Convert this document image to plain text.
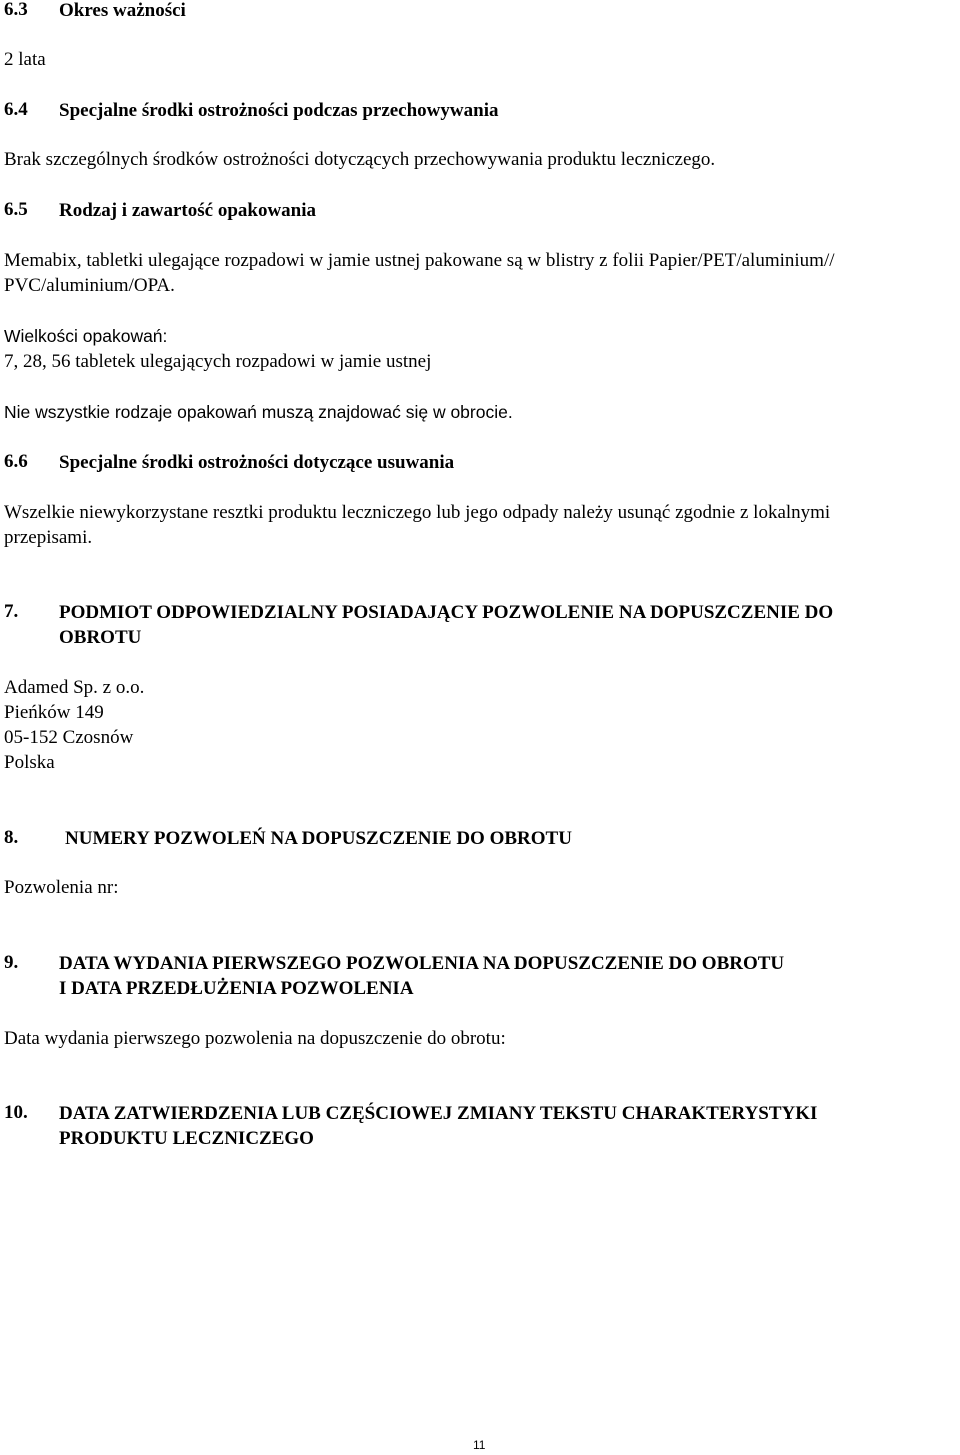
6.3 Okres ważności
2 lata
6.4 Specjalne środki ostrożności podczas przechowywania
Brak szczególnych środków ostrożności dotyczących przechowywania produktu leczniczego.
6.5 Rodzaj i zawartość opakowania
Memabix, tabletki ulegające rozpadowi w jamie ustnej pakowane są w blistry z folii Papier/PET/aluminium//
PVC/aluminium/OPA.
Wielkości opakowań:
7, 28, 56 tabletek ulegających rozpadowi w jamie ustnej
Nie wszystkie rodzaje opakowań muszą znajdować się w obrocie.
6.6 Specjalne środki ostrożności dotyczące usuwania
Wszelkie niewykorzystane resztki produktu leczniczego lub jego odpady należy usunąć zgodnie z lokalnymi
przepisami.
7. PODMIOT ODPOWIEDZIALNY POSIADAJĄCY POZWOLENIE NA DOPUSZCZENIE DO
OBROTU
Adamed Sp. z o.o.
Pieńków 149
05-152 Czosnów
Polska
8. NUMERY POZWOLEŃ NA DOPUSZCZENIE DO OBROTU
Pozwolenia nr:
9. DATA WYDANIA PIERWSZEGO POZWOLENIA NA DOPUSZCZENIE DO OBROTU
I DATA PRZEDŁUŻENIA POZWOLENIA
Data wydania pierwszego pozwolenia na dopuszczenie do obrotu:
10. DATA ZATWIERDZENIA LUB CZĘŚCIOWEJ ZMIANY TEKSTU CHARAKTERYSTYKI
PRODUKTU LECZNICZEGO
11
